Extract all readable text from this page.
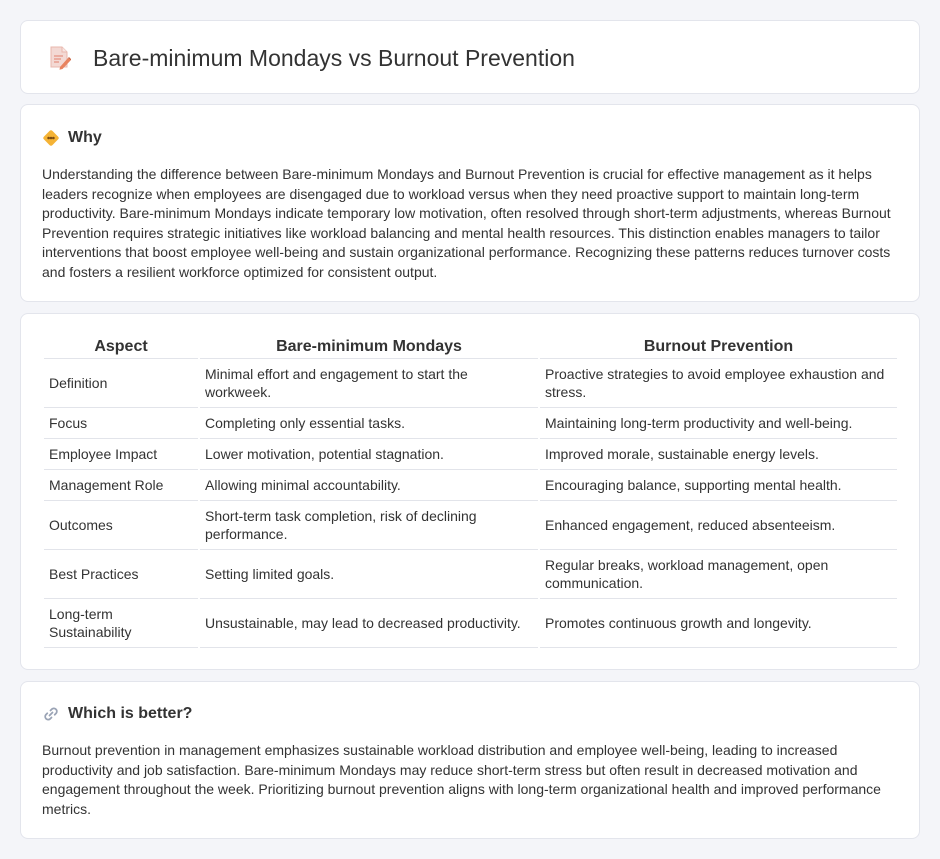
Bare-minimum Mondays vs Burnout Prevention
Why

Understanding the difference between Bare-minimum Mondays and Burnout Prevention is crucial for effective management as it helps leaders recognize when employees are disengaged due to workload versus when they need proactive support to maintain long-term productivity. Bare-minimum Mondays indicate temporary low motivation, often resolved through short-term adjustments, whereas Burnout Prevention requires strategic initiatives like workload balancing and mental health resources. This distinction enables managers to tailor interventions that boost employee well-being and sustain organizational performance. Recognizing these patterns reduces turnover costs and fosters a resilient workforce optimized for consistent output.

Aspect	Bare-minimum Mondays	Burnout Prevention
Definition	Minimal effort and engagement to start the workweek.	Proactive strategies to avoid employee exhaustion and stress.
Focus	Completing only essential tasks.	Maintaining long-term productivity and well-being.
Employee Impact	Lower motivation, potential stagnation.	Improved morale, sustainable energy levels.
Management Role	Allowing minimal accountability.	Encouraging balance, supporting mental health.
Outcomes	Short-term task completion, risk of declining performance.	Enhanced engagement, reduced absenteeism.
Best Practices	Setting limited goals.	Regular breaks, workload management, open communication.
Long-term Sustainability	Unsustainable, may lead to decreased productivity.	Promotes continuous growth and longevity.
Which is better?

Burnout prevention in management emphasizes sustainable workload distribution and employee well-being, leading to increased productivity and job satisfaction. Bare-minimum Mondays may reduce short-term stress but often result in decreased motivation and engagement throughout the week. Prioritizing burnout prevention aligns with long-term organizational health and improved performance metrics.
